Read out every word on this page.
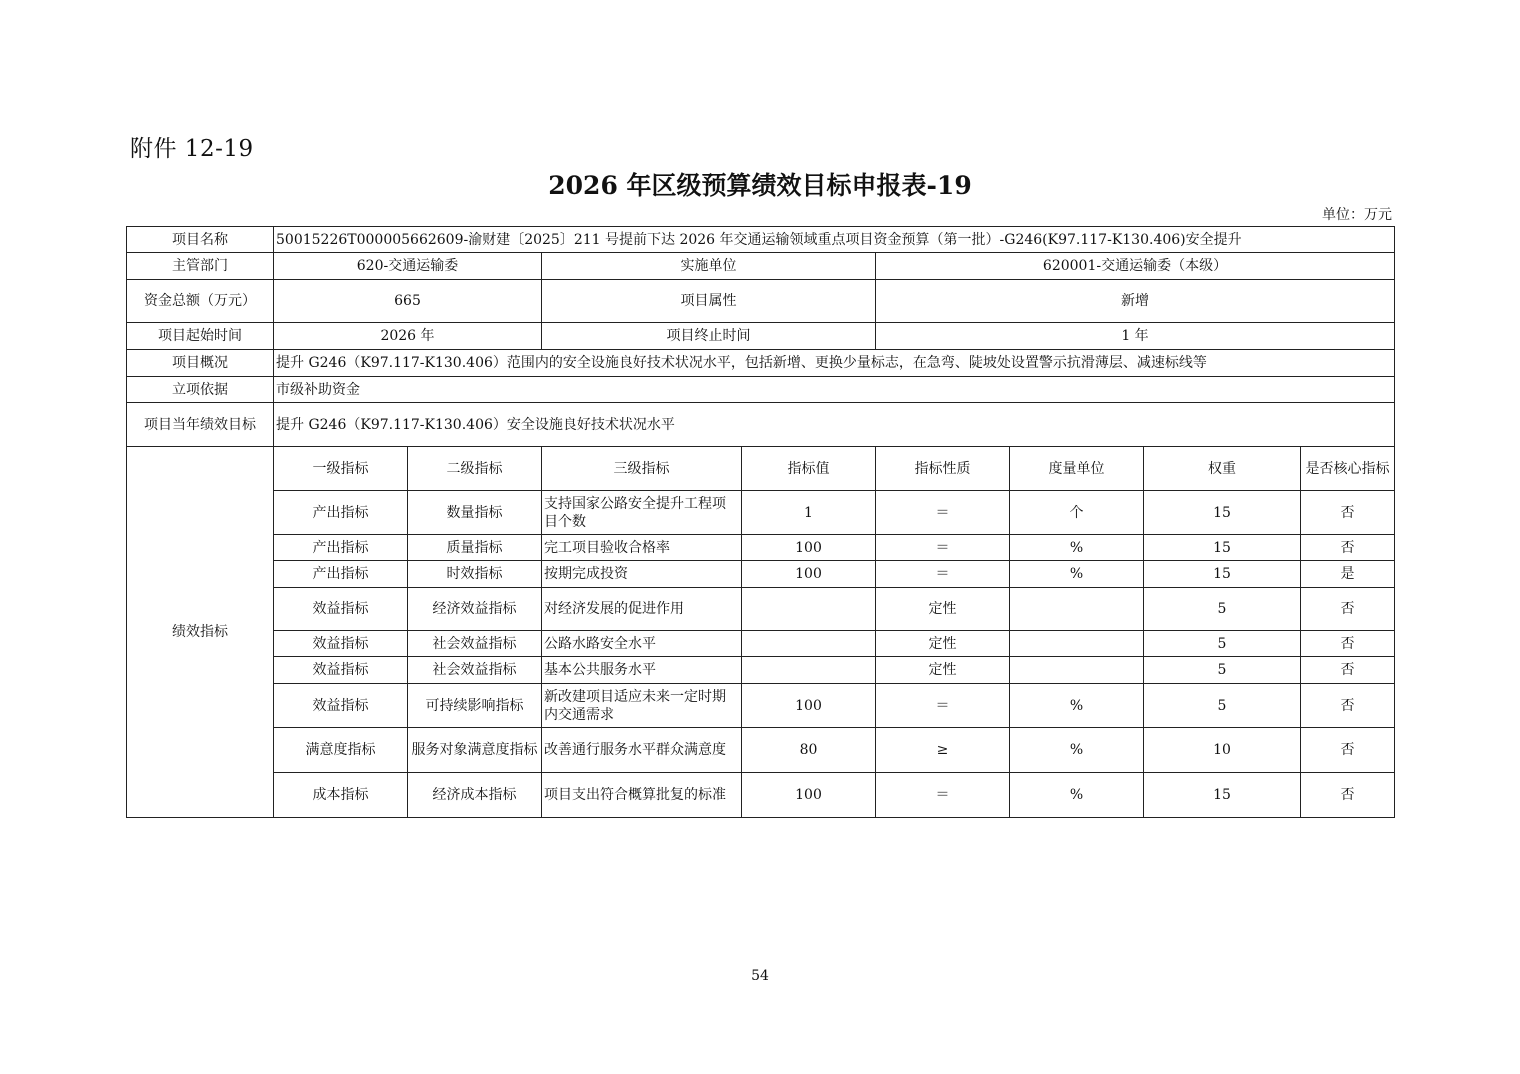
附件 12-19
2026 年区级预算绩效目标申报表-19
单位：万元
项目名称	50015226T000005662609-渝财建〔2025〕211 号提前下达 2026 年交通运输领域重点项目资金预算（第一批）-G246(K97.117-K130.406)安全提升							
主管部门	620-交通运输委		实施单位		620001-交通运输委（本级）			
资金总额（万元）	665		项目属性		新增			
项目起始时间	2026 年		项目终止时间		1 年			
项目概况	提升 G246（K97.117-K130.406）范围内的安全设施良好技术状况水平，包括新增、更换少量标志，在急弯、陡坡处设置警示抗滑薄层、减速标线等							
立项依据	市级补助资金							
项目当年绩效目标	提升 G246（K97.117-K130.406）安全设施良好技术状况水平							
绩效指标	一级指标	二级指标	三级指标	指标值	指标性质	度量单位	权重	是否核心指标
	产出指标	数量指标	支持国家公路安全提升工程项目个数	1	＝	个	15	否
	产出指标	质量指标	完工项目验收合格率	100	＝	%	15	否
	产出指标	时效指标	按期完成投资	100	＝	%	15	是
	效益指标	经济效益指标	对经济发展的促进作用		定性		5	否
	效益指标	社会效益指标	公路水路安全水平		定性		5	否
	效益指标	社会效益指标	基本公共服务水平		定性		5	否
	效益指标	可持续影响指标	新改建项目适应未来一定时期内交通需求	100	＝	%	5	否
	满意度指标	服务对象满意度指标	改善通行服务水平群众满意度	80	≥	%	10	否
	成本指标	经济成本指标	项目支出符合概算批复的标准	100	＝	%	15	否
54
